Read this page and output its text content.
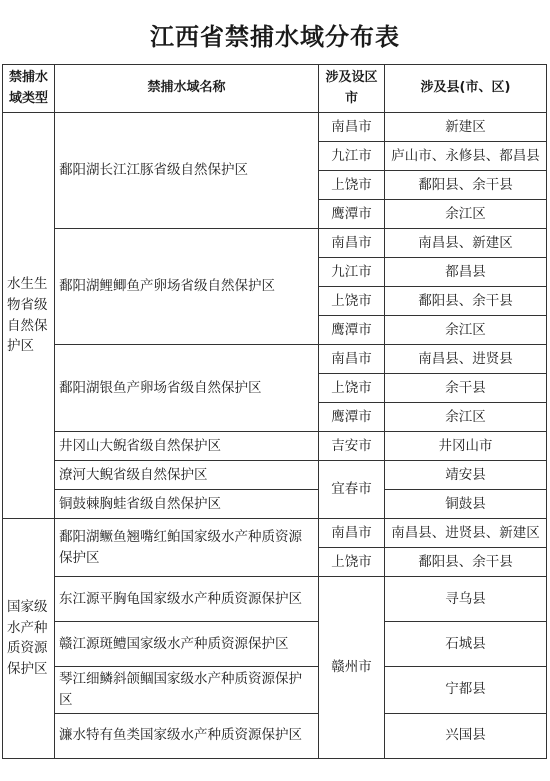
江西省禁捕水域分布表
禁捕水域类型	禁捕水域名称	涉及设区市	涉及县(市、区)
水生生物省级自然保护区	鄱阳湖长江江豚省级自然保护区	南昌市	新建区
		九江市	庐山市、永修县、都昌县
		上饶市	鄱阳县、余干县
		鹰潭市	余江区
	鄱阳湖鲤鲫鱼产卵场省级自然保护区	南昌市	南昌县、新建区
		九江市	都昌县
		上饶市	鄱阳县、余干县
		鹰潭市	余江区
	鄱阳湖银鱼产卵场省级自然保护区	南昌市	南昌县、进贤县
		上饶市	余干县
		鹰潭市	余江区
	井冈山大鲵省级自然保护区	吉安市	井冈山市
	潦河大鲵省级自然保护区	宜春市	靖安县
	铜鼓棘胸蛙省级自然保护区		铜鼓县
国家级水产种质资源保护区	鄱阳湖鳜鱼翘嘴红鲌国家级水产种质资源保护区	南昌市	南昌县、进贤县、新建区
		上饶市	鄱阳县、余干县
	东江源平胸龟国家级水产种质资源保护区	赣州市	寻乌县
	赣江源斑鳢国家级水产种质资源保护区		石城县
	琴江细鳞斜颌鲴国家级水产种质资源保护区		宁都县
	濂水特有鱼类国家级水产种质资源保护区		兴国县
